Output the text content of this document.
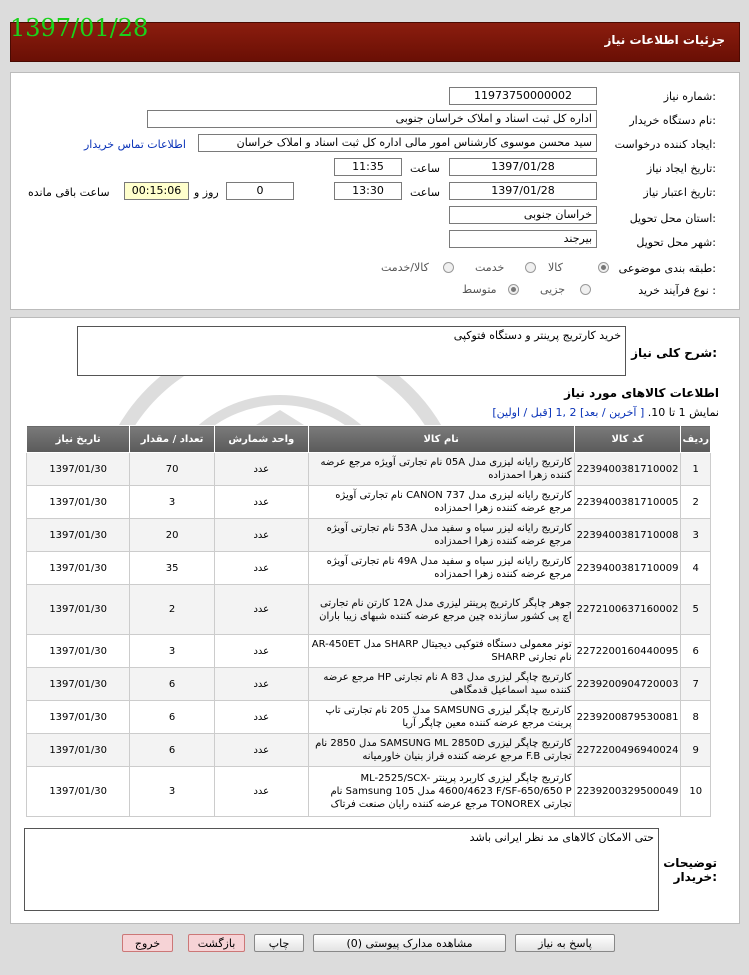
جزئیات اطلاعات نیاز
1397/01/28
شماره نیاز:
11973750000002
نام دستگاه خریدار:
اداره کل ثبت اسناد و املاک خراسان جنوبی
ایجاد کننده درخواست:
سید محسن موسوی کارشناس امور مالی اداره کل ثبت اسناد و املاک خراسان
اطلاعات تماس خریدار
تاریخ ایجاد نیاز:
1397/01/28
ساعت
11:35
تاریخ اعتبار نیاز:
1397/01/28
ساعت
13:30
0
روز و
00:15:06
ساعت باقی مانده
استان محل تحویل:
خراسان جنوبی
شهر محل تحویل:
بیرجند
طبقه بندی موضوعی:
کالا
خدمت
کالا/خدمت
نوع فرآیند خرید :
جزیی
متوسط
شرح کلی نیاز:
خرید کارتریج پرینتر و دستگاه فتوکپی
اطلاعات کالاهای مورد نیاز
نمایش 1 تا 10. [ آخرین / بعد] 2 ,1 [قبل / اولین]
ردیف	کد کالا	نام کالا	واحد شمارش	تعداد / مقدار	تاریخ نیاز
1	2239400381710002	کارتریج رایانه لیزری مدل 05A نام تجارتی آویژه مرجع عرضه کننده زهرا احمدزاده	عدد	70	1397/01/30
2	2239400381710005	کارتریج رایانه لیزری مدل CANON 737 نام تجارتی آویژه مرجع عرضه کننده زهرا احمدزاده	عدد	3	1397/01/30
3	2239400381710008	کارتریج رایانه لیزر سیاه و سفید مدل 53A نام تجارتی آویژه مرجع عرضه کننده زهرا احمدزاده	عدد	20	1397/01/30
4	2239400381710009	کارتریج رایانه لیزر سیاه و سفید مدل 49A نام تجارتی آویژه مرجع عرضه کننده زهرا احمدزاده	عدد	35	1397/01/30
5	2272100637160002	جوهر چاپگر کارتریج پرینتر لیزری مدل 12A کارتن نام تجارتی اچ پی کشور سازنده چین مرجع عرضه کننده شبهای زیبا باران	عدد	2	1397/01/30
6	2272200160440095	تونر معمولی دستگاه فتوکپی دیجیتال SHARP مدل AR-450ET نام تجارتی SHARP	عدد	3	1397/01/30
7	2239200904720003	کارتریج چاپگر لیزری مدل 83 A نام تجارتی HP مرجع عرضه کننده سید اسماعیل قدمگاهی	عدد	6	1397/01/30
8	2239200879530081	کارتریج چاپگر لیزری SAMSUNG مدل 205 نام تجارتی تاپ پرینت مرجع عرضه کننده معین چاپگر آریا	عدد	6	1397/01/30
9	2272200496940024	کارتریج چاپگر لیزری SAMSUNG ML 2850D مدل 2850 نام تجارتی F.B مرجع عرضه کننده فراز بنیان خاورمیانه	عدد	6	1397/01/30
10	2239200329500049	کارتریج چاپگر لیزری کاربرد پرینتر ML-2525/SCX-4600/4623 F/SF-650/650 P مدل 105 Samsung نام تجارتی TONOREX مرجع عرضه کننده رایان صنعت فرتاک	عدد	3	1397/01/30
توضیحات خریدار:
حتی الامکان کالاهای مد نظر ایرانی باشد
پاسخ به نیاز
مشاهده مدارک پیوستی (0)
چاپ
بازگشت
خروج
